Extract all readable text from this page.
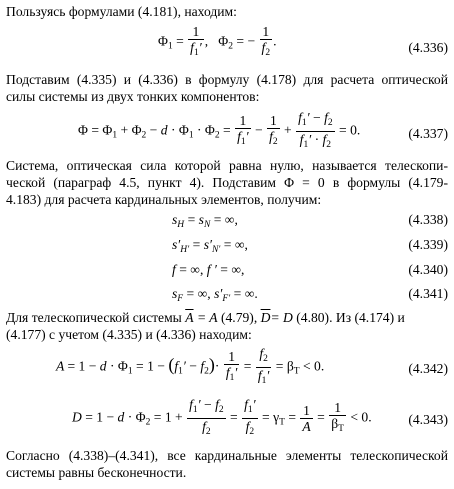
Пользуясь формулами (4.181), находим:
$\Phi_1 = \frac{1}{f_1'}$ , $\Phi_2$ = − $\frac{1}{f_2}$ .	(4.336)
Подставим (4.335) и (4.336) в формулу (4.178) для расчета оптической
силы системы из двух тонких компонентов:
$\Phi = \Phi_1 + \Phi_2 - d \cdot \Phi_1 \cdot \Phi_2 = \frac{1}{f_1'} - \frac{1}{f_2} + \frac{f_1' - f_2}{f_1' \cdot f_2} = 0$.	(4.337)
Система, оптическая сила которой равна нулю, называется телескопи-
ческой (параграф 4.5, пункт 4). Подставим Φ = 0 в формулы (4.179-
4.183) для расчета кардинальных элементов, получим:
$s_H = s_N$ = ∞,	(4.338)
$s'_{H'} = s'_{N'}$ = ∞,	(4.339)
f = ∞, f ′ = ∞,	(4.340)
$s_F$ = ∞, $s'_{F'}$ = ∞.	(4.341)
Для телескопической системы $\overline{A} = A$ (4.79), $\overline{D}= D$ (4.80). Из (4.174) и
(4.177) с учетом (4.335) и (4.336) находим:
$A = 1 - d \cdot \Phi_1 = 1 - (f_1' - f_2)\cdot \frac{1}{f_1'} = \frac{f_2}{f_1'} = \beta_T < 0$.	(4.342)
$D = 1 - d \cdot \Phi_2 = 1 + \frac{f_1' - f_2}{f_2} = \frac{f_1'}{f_2} = \gamma_T = \frac{1}{A} = \frac{1}{\beta_T} < 0$.	(4.343)
Согласно (4.338)–(4.341), все кардинальные элементы телескопической
системы равны бесконечности.
